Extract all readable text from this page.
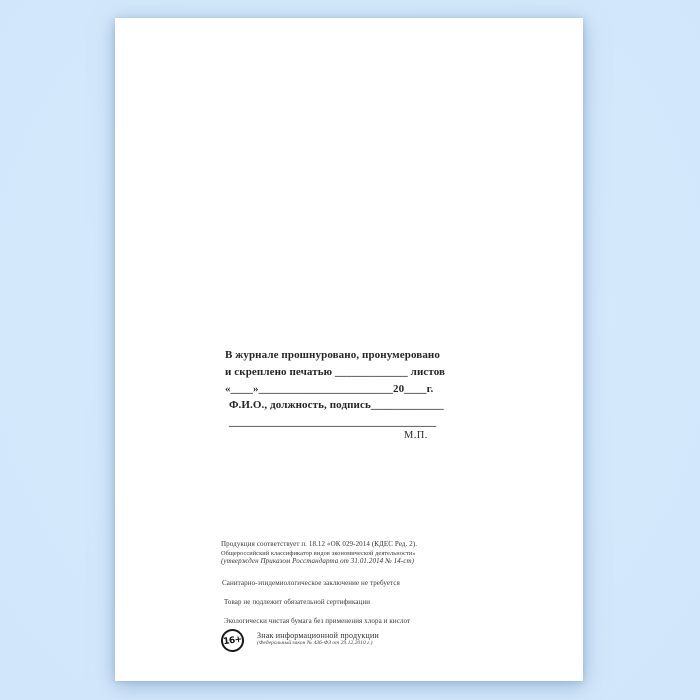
В журнале прошнуровано, пронумеровано
и скреплено печатью _____________ листов
«____»________________________20____г.
Ф.И.О., должность, подпись_____________
_____________________________________
М.П.
Продукция соответствует п. 18.12 «ОК 029-2014 (КДЕС Ред. 2).
Общероссийский классификатор видов экономической деятельности»
(утвержден Приказом Росстандарта от 31.01.2014 № 14-ст)
Санитарно-эпидемиологическое заключение не требуется
Товар не подлежит обязательной сертификации
Экологически чистая бумага без применения хлора и кислот
16+	Знак информационной продукции
(Федеральный закон № 436-ФЗ от 29.12.2010 г.)
